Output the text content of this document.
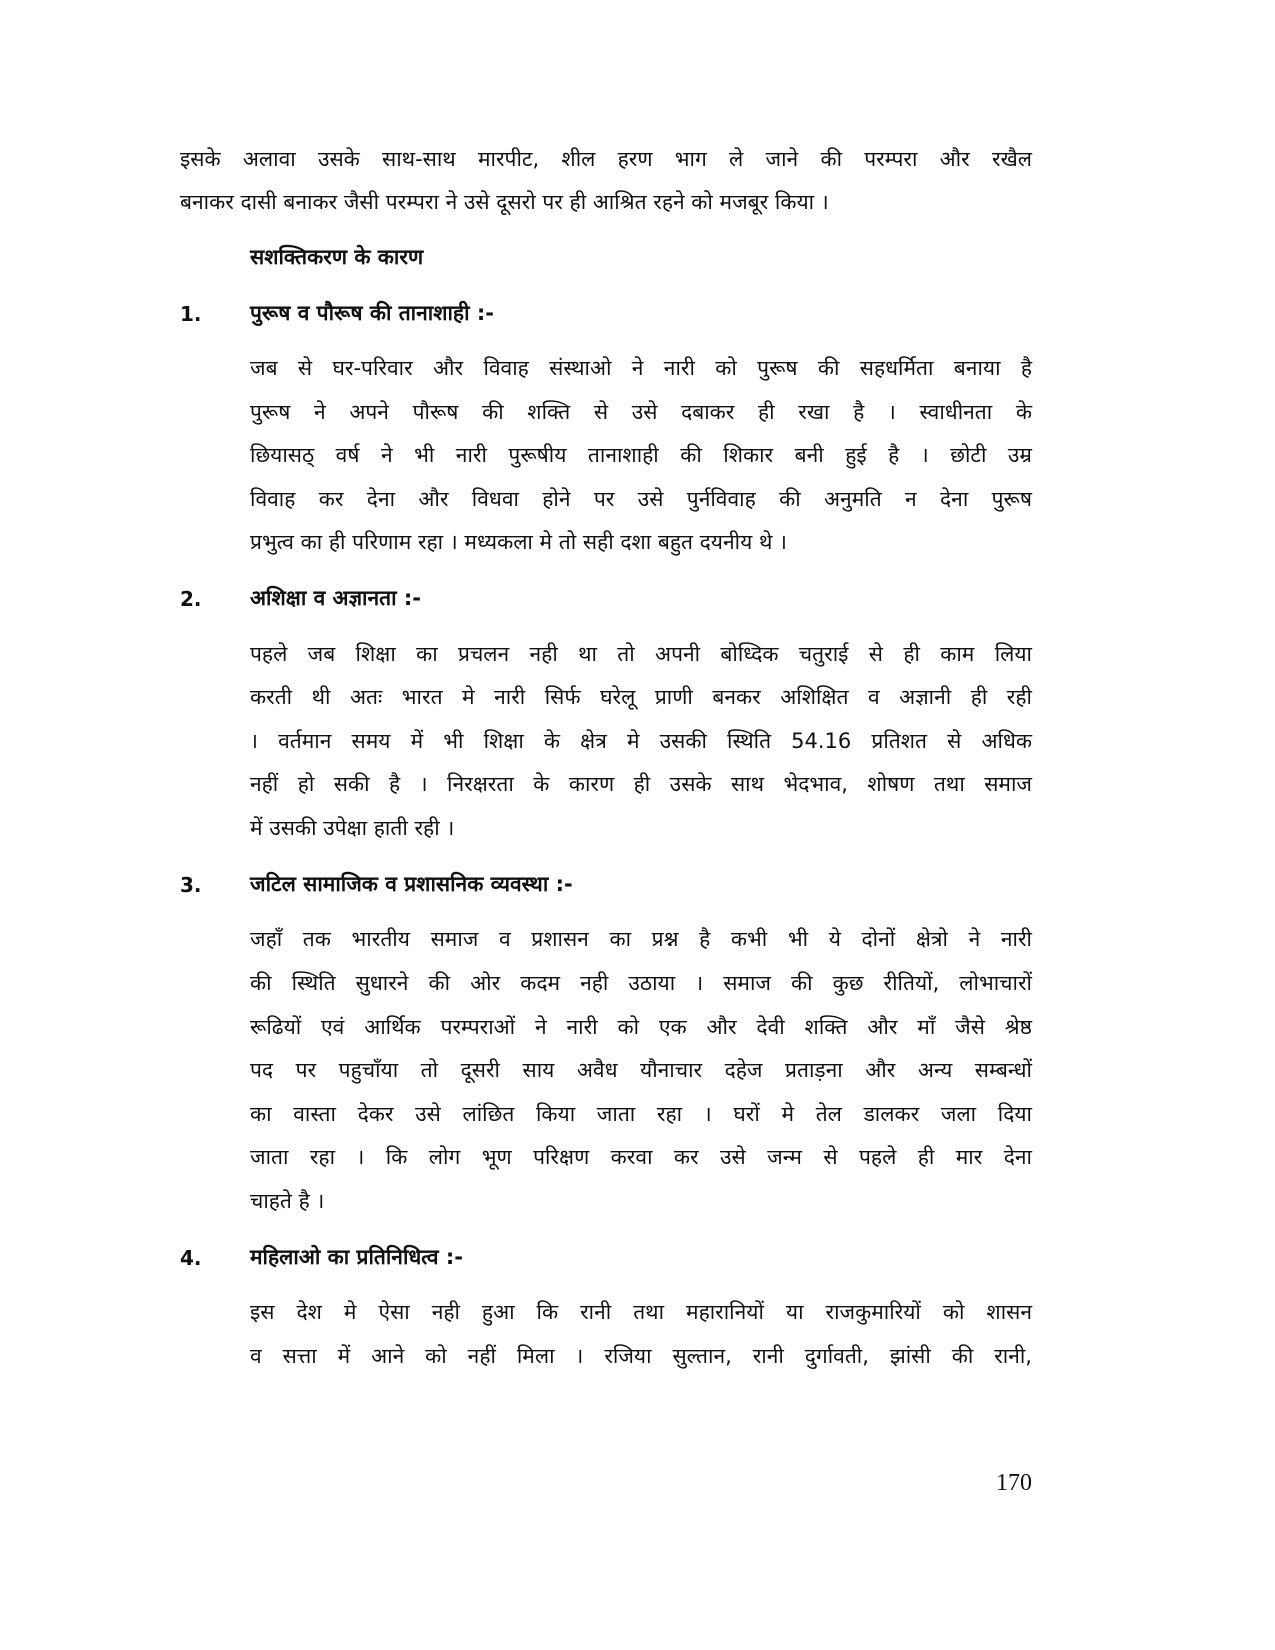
इसके अलावा उसके साथ-साथ मारपीट, शील हरण भाग ले जाने की परम्परा और रखैल
बनाकर दासी बनाकर जैसी परम्परा ने उसे दूसरो पर ही आश्रित रहने को मजबूर किया ।
सशक्तिकरण के कारण
1. पुरूष व पौरूष की तानाशाही :-
जब से घर-परिवार और विवाह संस्थाओ ने नारी को पुरूष की सहधर्मिता बनाया है
पुरूष ने अपने पौरूष की शक्ति से उसे दबाकर ही रखा है । स्वाधीनता के
छियासठ् वर्ष ने भी नारी पुरूषीय तानाशाही की शिकार बनी हुई है । छोटी उम्र
विवाह कर देना और विधवा होने पर उसे पुर्नविवाह की अनुमति न देना पुरूष
प्रभुत्व का ही परिणाम रहा । मध्यकला मे तो सही दशा बहुत दयनीय थे ।
2. अशिक्षा व अज्ञानता :-
पहले जब शिक्षा का प्रचलन नही था तो अपनी बोध्दिक चतुराई से ही काम लिया
करती थी अतः भारत मे नारी सिर्फ घरेलू प्राणी बनकर अशिक्षित व अज्ञानी ही रही
। वर्तमान समय में भी शिक्षा के क्षेत्र मे उसकी स्थिति 54.16 प्रतिशत से अधिक
नहीं हो सकी है । निरक्षरता के कारण ही उसके साथ भेदभाव, शोषण तथा समाज
में उसकी उपेक्षा हाती रही ।
3. जटिल सामाजिक व प्रशासनिक व्यवस्था :-
जहाँ तक भारतीय समाज व प्रशासन का प्रश्न है कभी भी ये दोनों क्षेत्रो ने नारी
की स्थिति सुधारने की ओर कदम नही उठाया । समाज की कुछ रीतियों, लोभाचारों
रूढियों एवं आर्थिक परम्पराओं ने नारी को एक और देवी शक्ति और माँ जैसे श्रेष्ठ
पद पर पहुचाँया तो दूसरी साय अवैध यौनाचार दहेज प्रताड़ना और अन्य सम्बन्धों
का वास्ता देकर उसे लांछित किया जाता रहा । घरों मे तेल डालकर जला दिया
जाता रहा । कि लोग भूण परिक्षण करवा कर उसे जन्म से पहले ही मार देना
चाहते है ।
4. महिलाओ का प्रतिनिधित्व :-
इस देश मे ऐसा नही हुआ कि रानी तथा महारानियों या राजकुमारियों को शासन
व सत्ता में आने को नहीं मिला । रजिया सुल्तान, रानी दुर्गावती, झांसी की रानी,
170
